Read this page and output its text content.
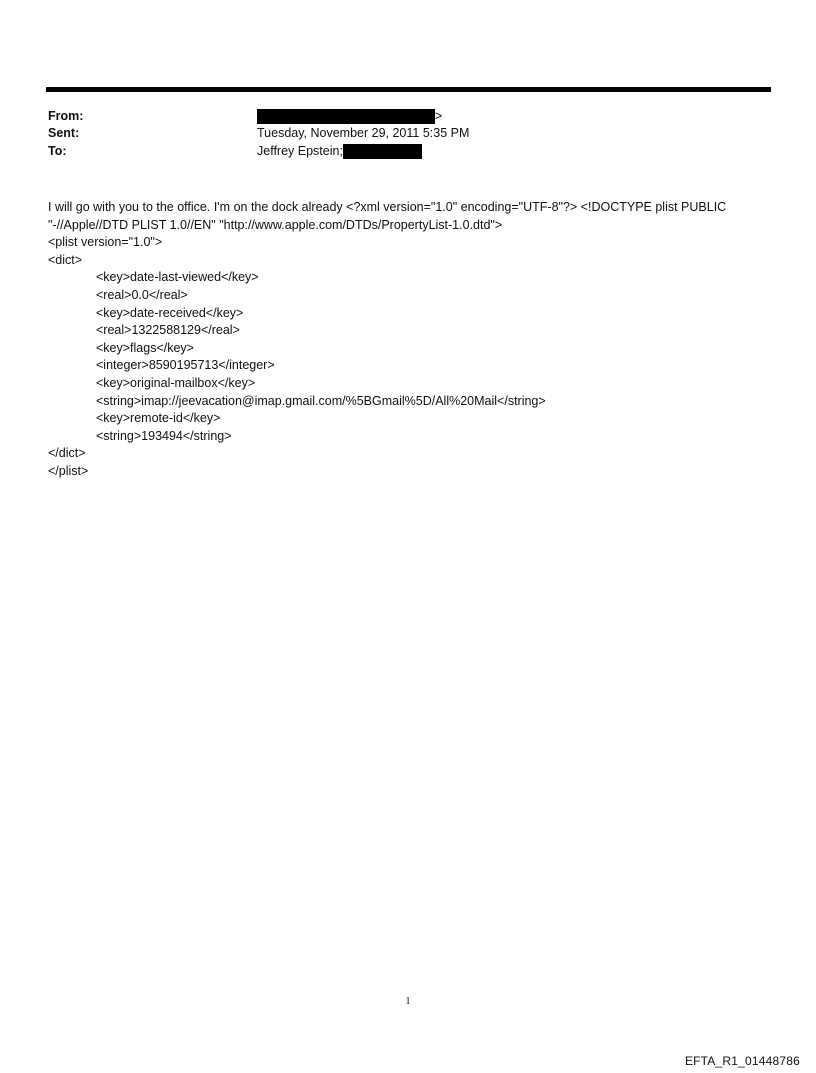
From:	>
Sent:	Tuesday, November 29, 2011 5:35 PM
To:	Jeffrey Epstein;
I will go with you to the office. I'm on the dock already <?xml version="1.0" encoding="UTF-8"?> <!DOCTYPE plist PUBLIC "-//Apple//DTD PLIST 1.0//EN" "http://www.apple.com/DTDs/PropertyList-1.0.dtd">
<plist version="1.0">
<dict>
<key>date-last-viewed</key>
<real>0.0</real>
<key>date-received</key>
<real>1322588129</real>
<key>flags</key>
<integer>8590195713</integer>
<key>original-mailbox</key>
<string>imap://jeevacation@imap.gmail.com/%5BGmail%5D/All%20Mail</string>
<key>remote-id</key>
<string>193494</string>
</dict>
</plist>
1
EFTA_R1_01448786
